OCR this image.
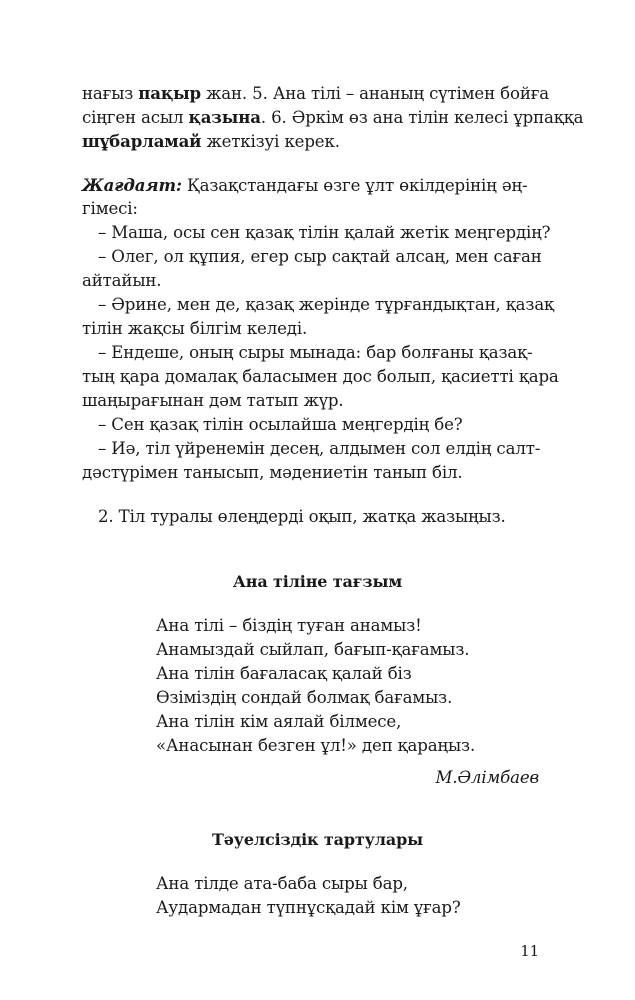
нағыз пақыр жан. 5. Ана тілі – ананың сүтімен бойға
сіңген асыл қазына. 6. Әркім өз ана тілін келесі ұрпаққа
шұбарламай жеткізуі керек.
Жағдаят: Қазақстандағы өзге ұлт өкілдерінің әң-
гімесі:
– Маша, осы сен қазақ тілін қалай жетік меңгердің?
– Олег, ол құпия, егер сыр сақтай алсаң, мен саған
айтайын.
– Әрине, мен де, қазақ жерінде тұрғандықтан, қазақ
тілін жақсы білгім келеді.
– Ендеше, оның сыры мынада: бар болғаны қазақ-
тың қара домалақ баласымен дос болып, қасиетті қара
шаңырағынан дәм татып жүр.
– Сен қазақ тілін осылайша меңгердің бе?
– Иә, тіл үйренемін десең, алдымен сол елдің салт-
дәстүрімен танысып, мәдениетін танып біл.
2. Тіл туралы өлеңдерді оқып, жатқа жазыңыз.
Ана тіліне тағзым
Ана тілі – біздің туған анамыз!
Анамыздай сыйлап, бағып-қағамыз.
Ана тілін бағаласақ қалай біз
Өзіміздің сондай болмақ бағамыз.
Ана тілін кім аялай білмесе,
«Анасынан безген ұл!» деп қараңыз.
М.Әлімбаев
Тәуелсіздік тартулары
Ана тілде ата-баба сыры бар,
Аудармадан түпнұсқадай кім ұғар?
11
